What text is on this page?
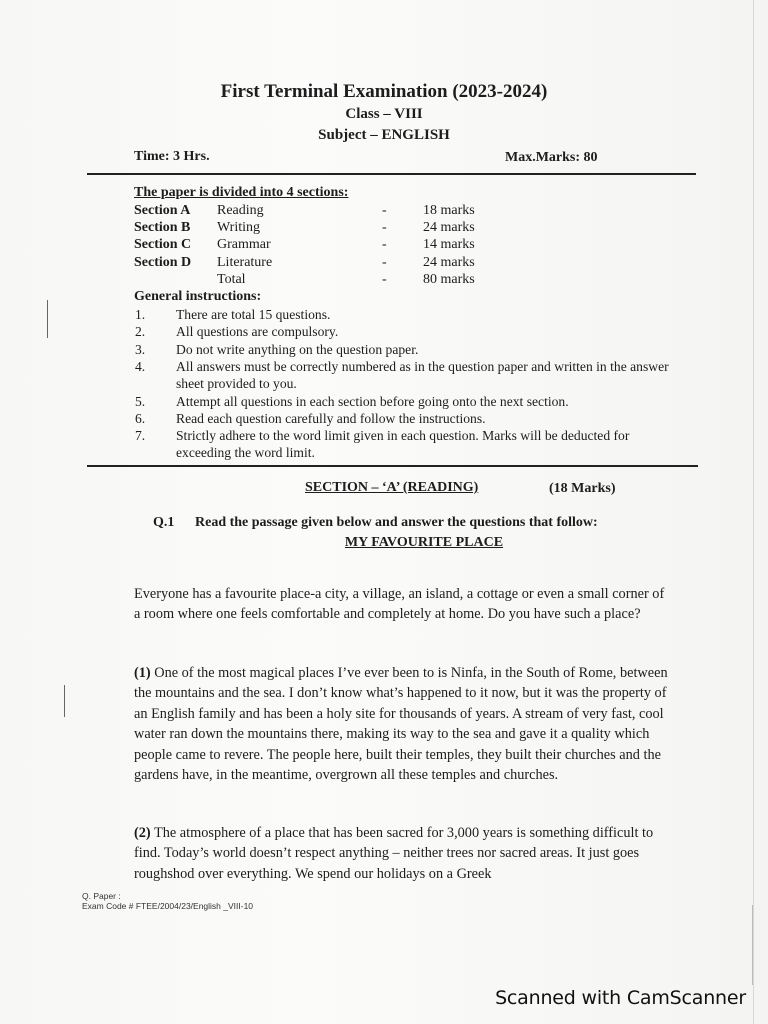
First Terminal Examination (2023-2024)
Class – VIII
Subject – ENGLISH
Time: 3 Hrs.	Max.Marks: 80
The paper is divided into 4 sections:
Section A Reading	-	18 marks
Section B Writing	-	24 marks
Section C Grammar	-	14 marks
Section D Literature	-	24 marks
Total	-	80 marks
General instructions:
1. There are total 15 questions.
2. All questions are compulsory.
3. Do not write anything on the question paper.
4. All answers must be correctly numbered as in the question paper and written in the answer sheet provided to you.
5. Attempt all questions in each section before going onto the next section.
6. Read each question carefully and follow the instructions.
7. Strictly adhere to the word limit given in each question. Marks will be deducted for exceeding the word limit.
SECTION – ‘A’ (READING)	(18 Marks)
Q.1 Read the passage given below and answer the questions that follow:
MY FAVOURITE PLACE

Everyone has a favourite place-a city, a village, an island, a cottage or even a small corner of a room where one feels comfortable and completely at home. Do you have such a place?

(1) One of the most magical places I’ve ever been to is Ninfa, in the South of Rome, between the mountains and the sea. I don’t know what’s happened to it now, but it was the property of an English family and has been a holy site for thousands of years. A stream of very fast, cool water ran down the mountains there, making its way to the sea and gave it a quality which people came to revere. The people here, built their temples, they built their churches and the gardens have, in the meantime, overgrown all these temples and churches.

(2) The atmosphere of a place that has been sacred for 3,000 years is something difficult to find. Today’s world doesn’t respect anything – neither trees nor sacred areas. It just goes roughshod over everything. We spend our holidays on a Greek

Q. Paper :
Exam Code # FTEE/2004/23/English _VIII-10
Scanned with CamScanner
